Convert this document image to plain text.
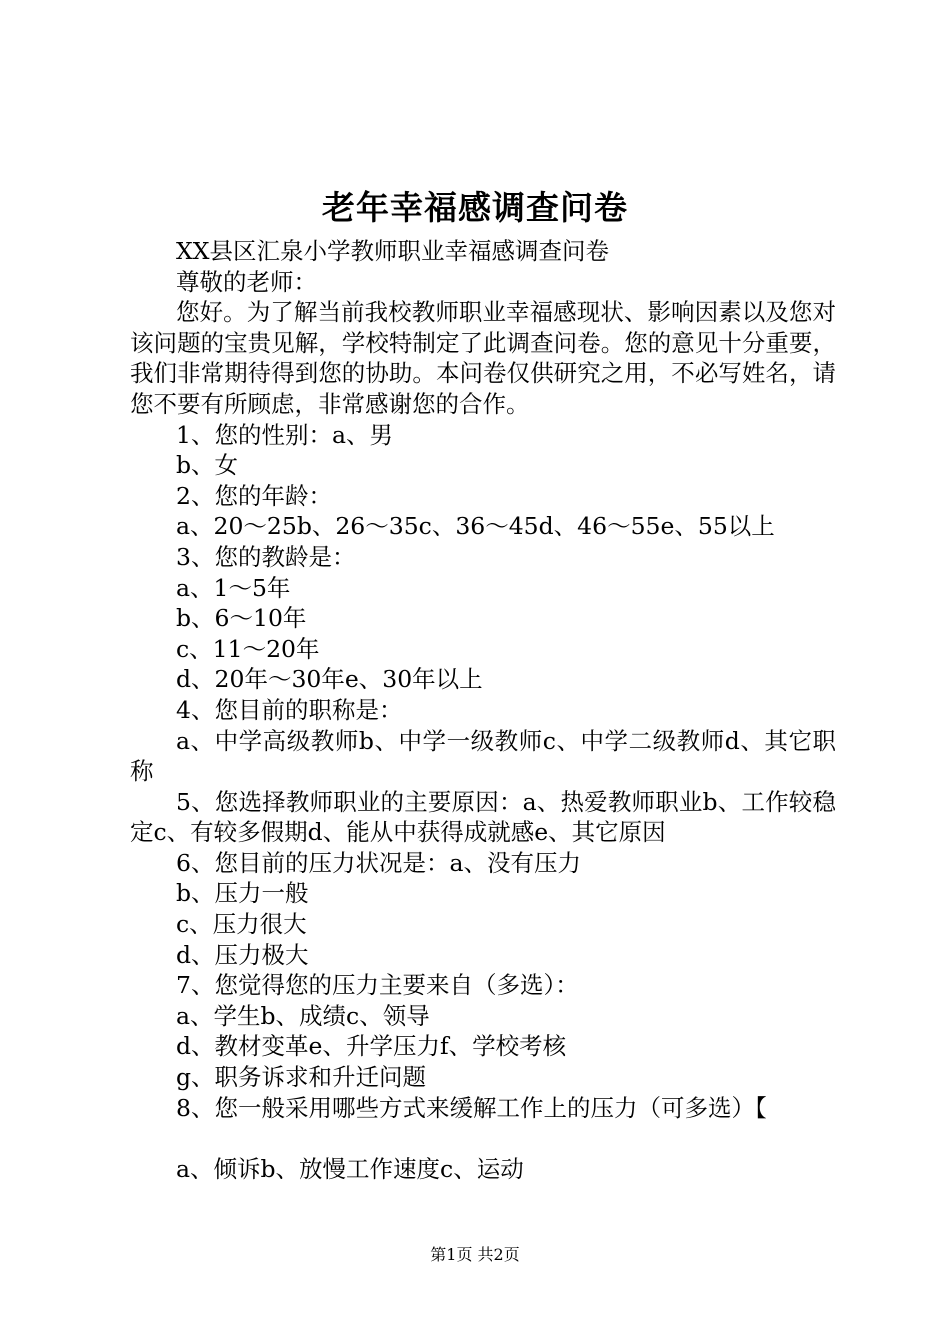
老年幸福感调查问卷

XX县区汇泉小学教师职业幸福感调查问卷

尊敬的老师：

您好。为了解当前我校教师职业幸福感现状、影响因素以及您对该问题的宝贵见解，学校特制定了此调查问卷。您的意见十分重要，我们非常期待得到您的协助。本问卷仅供研究之用，不必写姓名，请您不要有所顾虑，非常感谢您的合作。

1、您的性别：a、男

b、女

2、您的年龄：

a、20～25b、26～35c、36～45d、46～55e、55以上

3、您的教龄是：

a、1～5年

b、6～10年

c、11～20年

d、20年～30年e、30年以上

4、您目前的职称是：

a、中学高级教师b、中学一级教师c、中学二级教师d、其它职称

5、您选择教师职业的主要原因：a、热爱教师职业b、工作较稳定c、有较多假期d、能从中获得成就感e、其它原因

6、您目前的压力状况是：a、没有压力

b、压力一般

c、压力很大

d、压力极大

7、您觉得您的压力主要来自（多选）：

a、学生b、成绩c、领导

d、教材变革e、升学压力f、学校考核

g、职务诉求和升迁问题

8、您一般采用哪些方式来缓解工作上的压力（可多选）【

a、倾诉b、放慢工作速度c、运动

第1页 共2页
